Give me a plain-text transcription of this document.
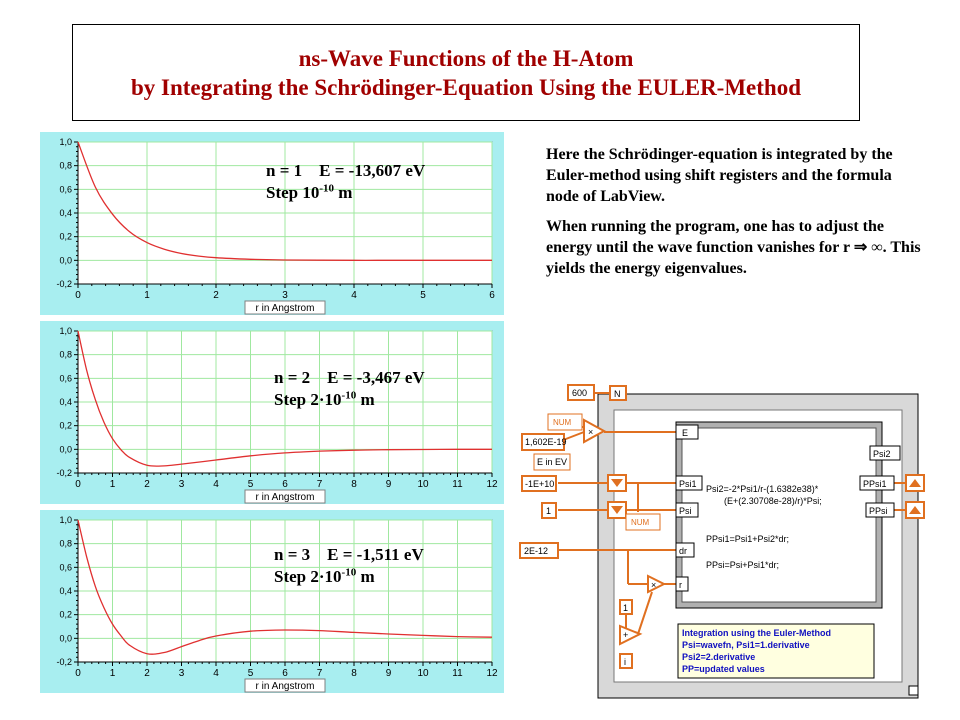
ns-Wave Functions of the H-Atom
by Integrating the Schrödinger-Equation Using the EULER-Method
0	1	2	3	4	5	6
-0,2
0,0
0,2
0,4
0,6
0,8
1,0
r in Angstrom
n = 1 E = -13,607 eV
Step $10^{-10}$ m
0	1	2	3	4	5	6	7	8	9	10 11 12
-0,2
0,0
0,2
0,4
0,6
0,8
1,0
r in Angstrom
n = 2 E = -3,467 eV
Step $2\cdot 10^{-10}$ m
0	1	2	3	4	5	6	7	8	9	10 11 12
-0,2
0,0
0,2
0,4
0,6
0,8
1,0
r in Angstrom
n = 3 E = -1,511 eV
Step $2\cdot 10^{-10}$ m

Here the Schrödinger-equation is integrated by the Euler-method using shift registers and the formula node of LabView.

When running the program, one has to adjust the energy until the wave function vanishes for r ⇒ ∞. This yields the energy eigenvalues.

600	N
NUM
×
1,602E-19
E in EV
-1E+10
1
NUM
2E-12
×
1
+
i
E
Psi1
Psi
dr
r
Psi2
PPsi1
PPsi
Psi2=-2*Psi1/r-(1.6382e38)*
(E+(2.30708e-28)/r)*Psi;
PPsi1=Psi1+Psi2*dr;
PPsi=Psi+Psi1*dr;
Integration using the Euler-Method
Psi=wavefn, Psi1=1.derivative
Psi2=2.derivative
PP=updated values
